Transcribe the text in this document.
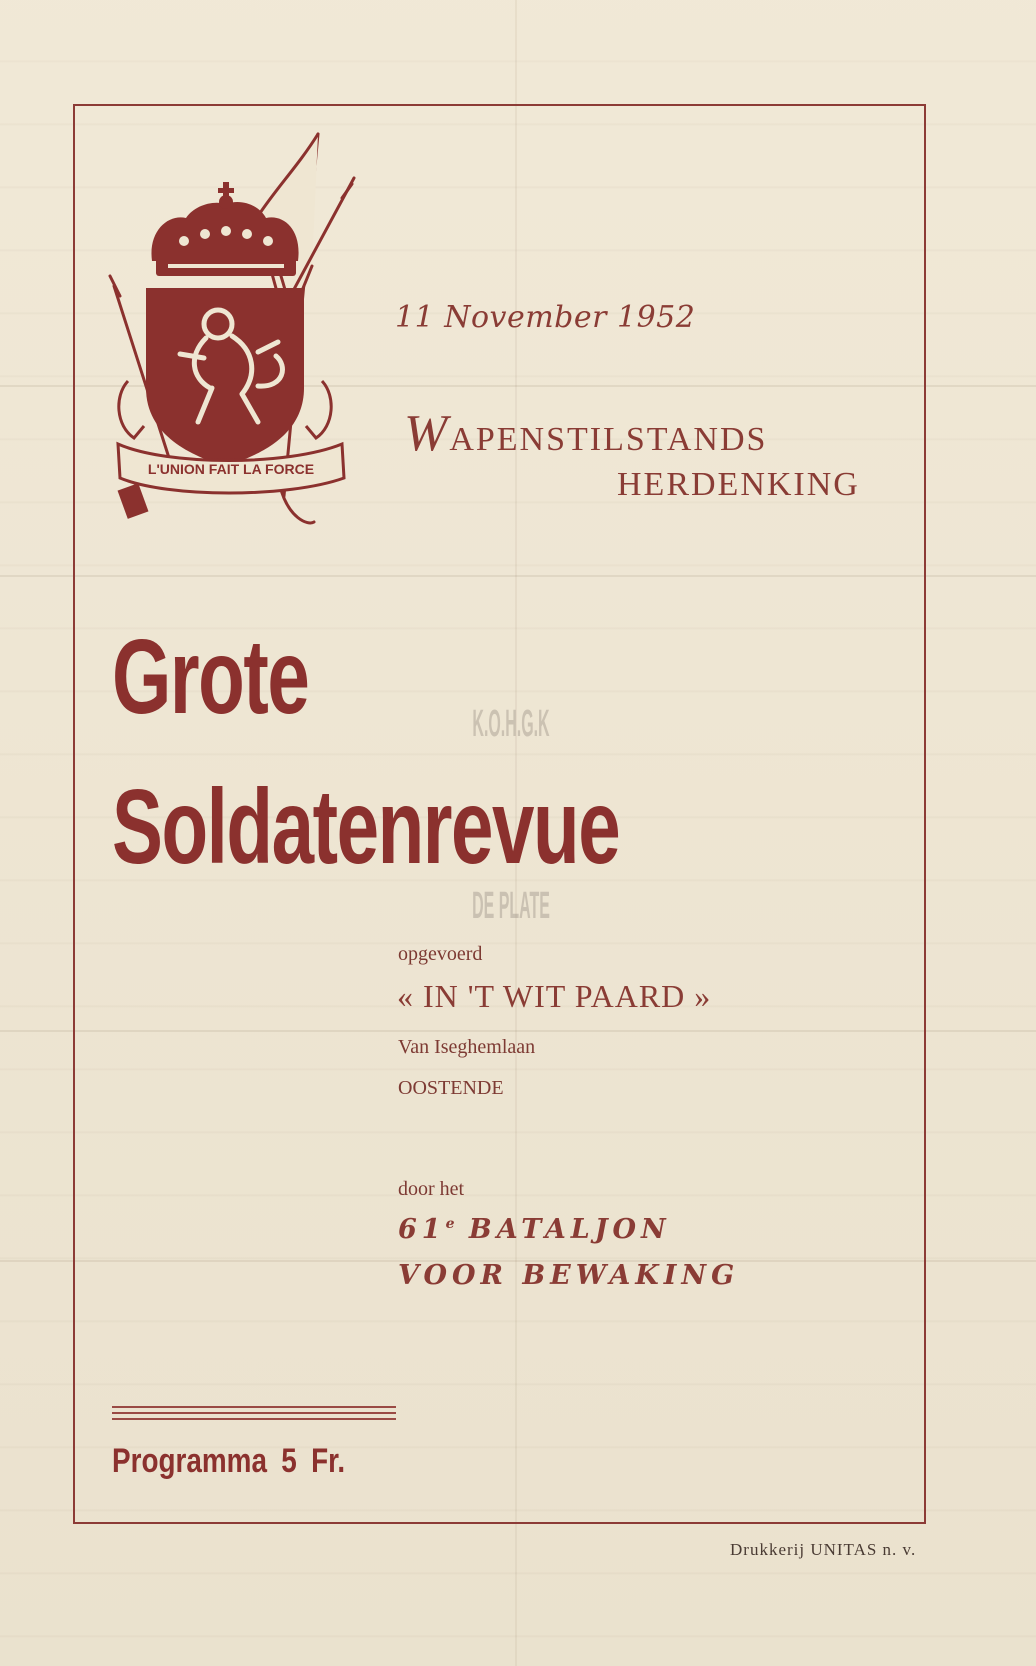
L'UNION FAIT LA FORCE
11 November 1952
WAPENSTILSTANDS
HERDENKING
Grote
Soldatenrevue
K.O.H.G.K
DE PLATE
opgevoerd
« IN 'T WIT PAARD »
Van Iseghemlaan
OOSTENDE
door het
61e BATALJON
VOOR BEWAKING
Programma 5 Fr.
Drukkerij UNITAS n. v.
